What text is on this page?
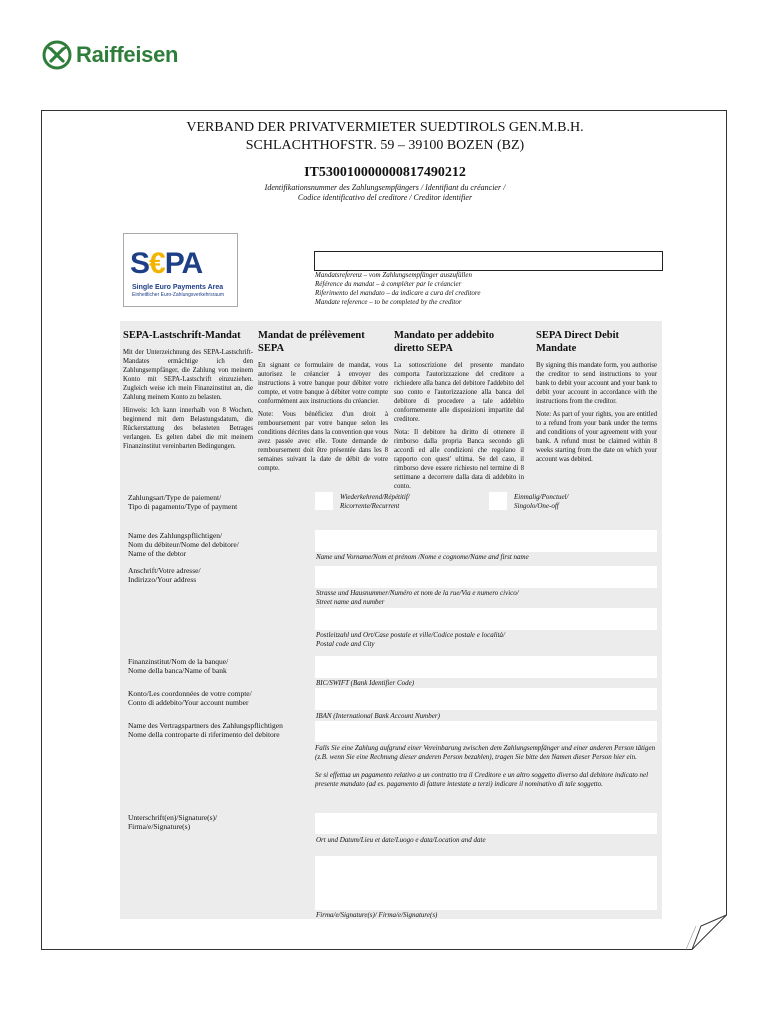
Raiffeisen
VERBAND DER PRIVATVERMIETER SUEDTIROLS GEN.M.B.H.
SCHLACHTHOFSTR. 59 – 39100 BOZEN (BZ)
IT530010000000817490212
Identifikationsnummer des Zahlungsempfängers / Identifiant du créancier /
Codice identificativo del creditore / Creditor identifier
S€PA
Single Euro Payments Area
Einheitlicher Euro-Zahlungsverkehrsraum
Mandatsreferenz – vom Zahlungsempfänger auszufüllen
Référence du mandat – à compléter par le créancier
Riferimento del mandato – da indicare a cura del creditore
Mandate reference – to be completed by the creditor
SEPA-Lastschrift-Mandat

Mit der Unterzeichnung des SEPA-Lastschrift-Mandates ermächtige ich den Zahlungsempfänger, die Zahlung von meinem Konto mit SEPA-Lastschrift einzuziehen. Zugleich weise ich mein Finanzinstitut an, die Zahlung meinem Konto zu belasten.

Hinweis: Ich kann innerhalb von 8 Wochen, beginnend mit dem Belastungsdatum, die Rückerstattung des belasteten Betrages verlangen. Es gelten dabei die mit meinem Finanzinstitut vereinbarten Bedingungen.

Mandat de prélèvement SEPA

En signant ce formulaire de mandat, vous autorisez le créancier à envoyer des instructions à votre banque pour débiter votre compte, et votre banque à débiter votre compte conformément aux instructions du créancier.

Note: Vous bénéficiez d'un droit à remboursement par votre banque selon les conditions décrites dans la convention que vous avez passée avec elle. Toute demande de remboursement doit être présentée dans les 8 semaines suivant la date de débit de votre compte.

Mandato per addebito diretto SEPA

La sottoscrizione del presente mandato comporta l'autorizzazione del creditore a richiedere alla banca del debitore l'addebito del suo conto e l'autorizzazione alla banca del debitore di procedere a tale addebito conformemente alle disposizioni impartite dal creditore.

Nota: Il debitore ha diritto di ottenere il rimborso dalla propria Banca secondo gli accordi ed alle condizioni che regolano il rapporto con quest' ultima. Se del caso, il rimborso deve essere richiesto nel termine di 8 settimane a decorrere dalla data di addebito in conto.

SEPA Direct Debit Mandate

By signing this mandate form, you authorise the creditor to send instructions to your bank to debit your account and your bank to debit your account in accordance with the instructions from the creditor.

Note: As part of your rights, you are entitled to a refund from your bank under the terms and conditions of your agreement with your bank. A refund must be claimed within 8 weeks starting from the date on which your account was debited.

Zahlungsart/Type de paiement/
Tipo di pagamento/Type of payment
Wiederkehrend/Répétitif/
Ricorrente/Recurrent
Einmalig/Ponctuel/
Singolo/One-off
Name des Zahlungspflichtigen/
Nom du débiteur/Nome del debitore/
Name of the debtor	Name und Vorname/Nom et prénom /Nome e cognome/Name and first name
Anschrift/Votre adresse/
Indirizzo/Your address
Strasse und Hausnummer/Numéro et nom de la rue/Via e numero civico/
Street name and number
Postleitzahl und Ort/Case postale et ville/Codice postale e località/
Postal code and City
Finanzinstitut/Nom de la banque/
Nome della banca/Name of bank
BIC/SWIFT (Bank Identifier Code)
Konto/Les coordonnées de votre compte/
Conto di addebito/Your account number
IBAN (International Bank Account Number)
Name des Vertragspartners des Zahlungspflichtigen
Nome della controparte di riferimento del debitore
Falls Sie eine Zahlung aufgrund einer Vereinbarung zwischen dem Zahlungsempfänger und einer anderen Person tätigen (z.B. wenn Sie eine Rechnung dieser anderen Person bezahlen), tragen Sie bitte den Namen dieser Person hier ein.
Se si effettua un pagamento relativo a un contratto tra il Creditore e un altro soggetto diverso dal debitore indicato nel presente mandato (ad es. pagamento di fatture intestate a terzi) indicare il nominativo di tale soggetto.
Unterschrift(en)/Signature(s)/
Firma/e/Signature(s)
Ort und Datum/Lieu et date/Luogo e data/Location and date
Firma/e/Signature(s)/ Firma/e/Signature(s)
